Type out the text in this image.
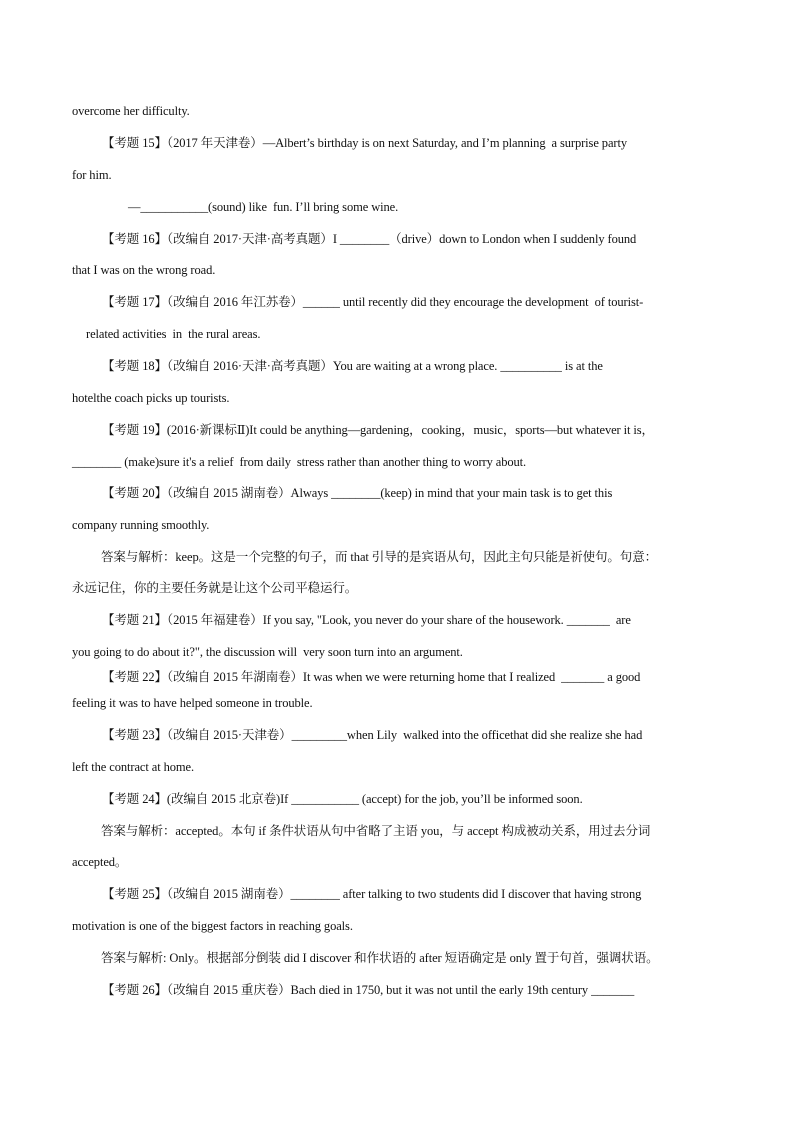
overcome her difficulty.
【考题 15】（2017 年天津卷）—Albert’s birthday is on next Saturday, and I’m planning  a surprise party
for him.
—___________(sound) like  fun. I’ll bring some wine.
【考题 16】（改编自 2017·天津·高考真题）I ________（drive）down to London when I suddenly found
that I was on the wrong road.
【考题 17】（改编自 2016 年江苏卷）______ until recently did they encourage the development  of tourist-
related activities  in  the rural areas.
【考题 18】（改编自 2016·天津·高考真题）You are waiting at a wrong place. __________ is at the
hotelthe coach picks up tourists.
【考题 19】(2016·新课标Ⅱ)It could be anything—gardening，cooking，music，sports—but whatever it is，
________ (make)sure it's a relief  from daily  stress rather than another thing to worry about.
【考题 20】（改编自 2015 湖南卷）Always ________(keep) in mind that your main task is to get this
company running smoothly.
答案与解析：keep。这是一个完整的句子，而 that 引导的是宾语从句，因此主句只能是祈使句。句意：
永远记住，你的主要任务就是让这个公司平稳运行。
【考题 21】（2015 年福建卷）If you say, "Look, you never do your share of the housework. _______  are
you going to do about it?", the discussion will  very soon turn into an argument.
【考题 22】（改编自 2015 年湖南卷）It was when we were returning home that I realized  _______ a good
feeling it was to have helped someone in trouble.
【考题 23】（改编自 2015·天津卷）_________when Lily  walked into the officethat did she realize she had
left the contract at home.
【考题 24】(改编自 2015 北京卷)If ___________ (accept) for the job, you’ll be informed soon.
答案与解析：accepted。本句 if 条件状语从句中省略了主语 you，与 accept 构成被动关系，用过去分词
accepted。
【考题 25】（改编自 2015 湖南卷）________ after talking to two students did I discover that having strong
motivation is one of the biggest factors in reaching goals.
答案与解析: Only。根据部分倒装 did I discover 和作状语的 after 短语确定是 only 置于句首，强调状语。
【考题 26】（改编自 2015 重庆卷）Bach died in 1750, but it was not until the early 19th century _______
